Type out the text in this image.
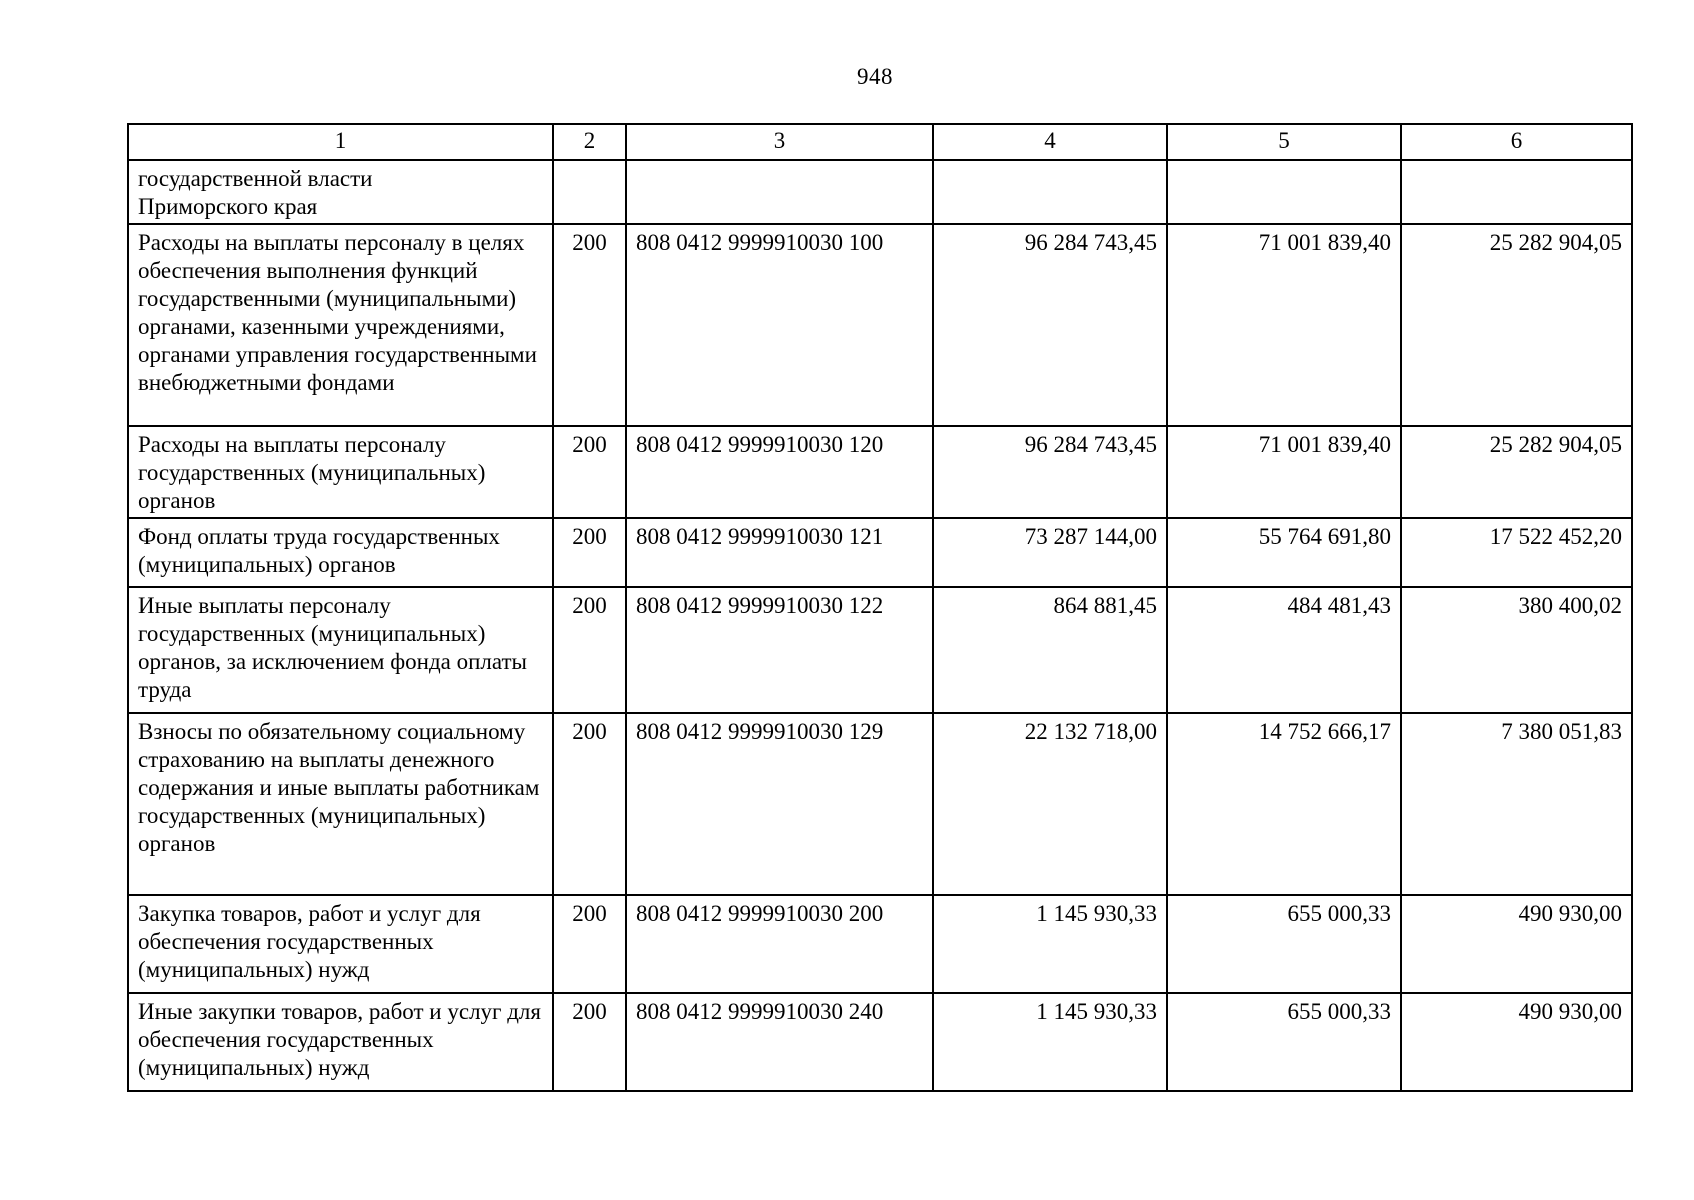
948
1	2	3	4	5	6
государственной власти Приморского края					
Расходы на выплаты персоналу в целях обеспечения выполнения функций государственными (муниципальными) органами, казенными учреждениями, органами управления государственными внебюджетными фондами	200	808 0412 9999910030 100	96 284 743,45	71 001 839,40	25 282 904,05
Расходы на выплаты персоналу государственных (муниципальных) органов	200	808 0412 9999910030 120	96 284 743,45	71 001 839,40	25 282 904,05
Фонд оплаты труда государственных (муниципальных) органов	200	808 0412 9999910030 121	73 287 144,00	55 764 691,80	17 522 452,20
Иные выплаты персоналу государственных (муниципальных) органов, за исключением фонда оплаты труда	200	808 0412 9999910030 122	864 881,45	484 481,43	380 400,02
Взносы по обязательному социальному страхованию на выплаты денежного содержания и иные выплаты работникам государственных (муниципальных) органов	200	808 0412 9999910030 129	22 132 718,00	14 752 666,17	7 380 051,83
Закупка товаров, работ и услуг для обеспечения государственных (муниципальных) нужд	200	808 0412 9999910030 200	1 145 930,33	655 000,33	490 930,00
Иные закупки товаров, работ и услуг для обеспечения государственных (муниципальных) нужд	200	808 0412 9999910030 240	1 145 930,33	655 000,33	490 930,00
